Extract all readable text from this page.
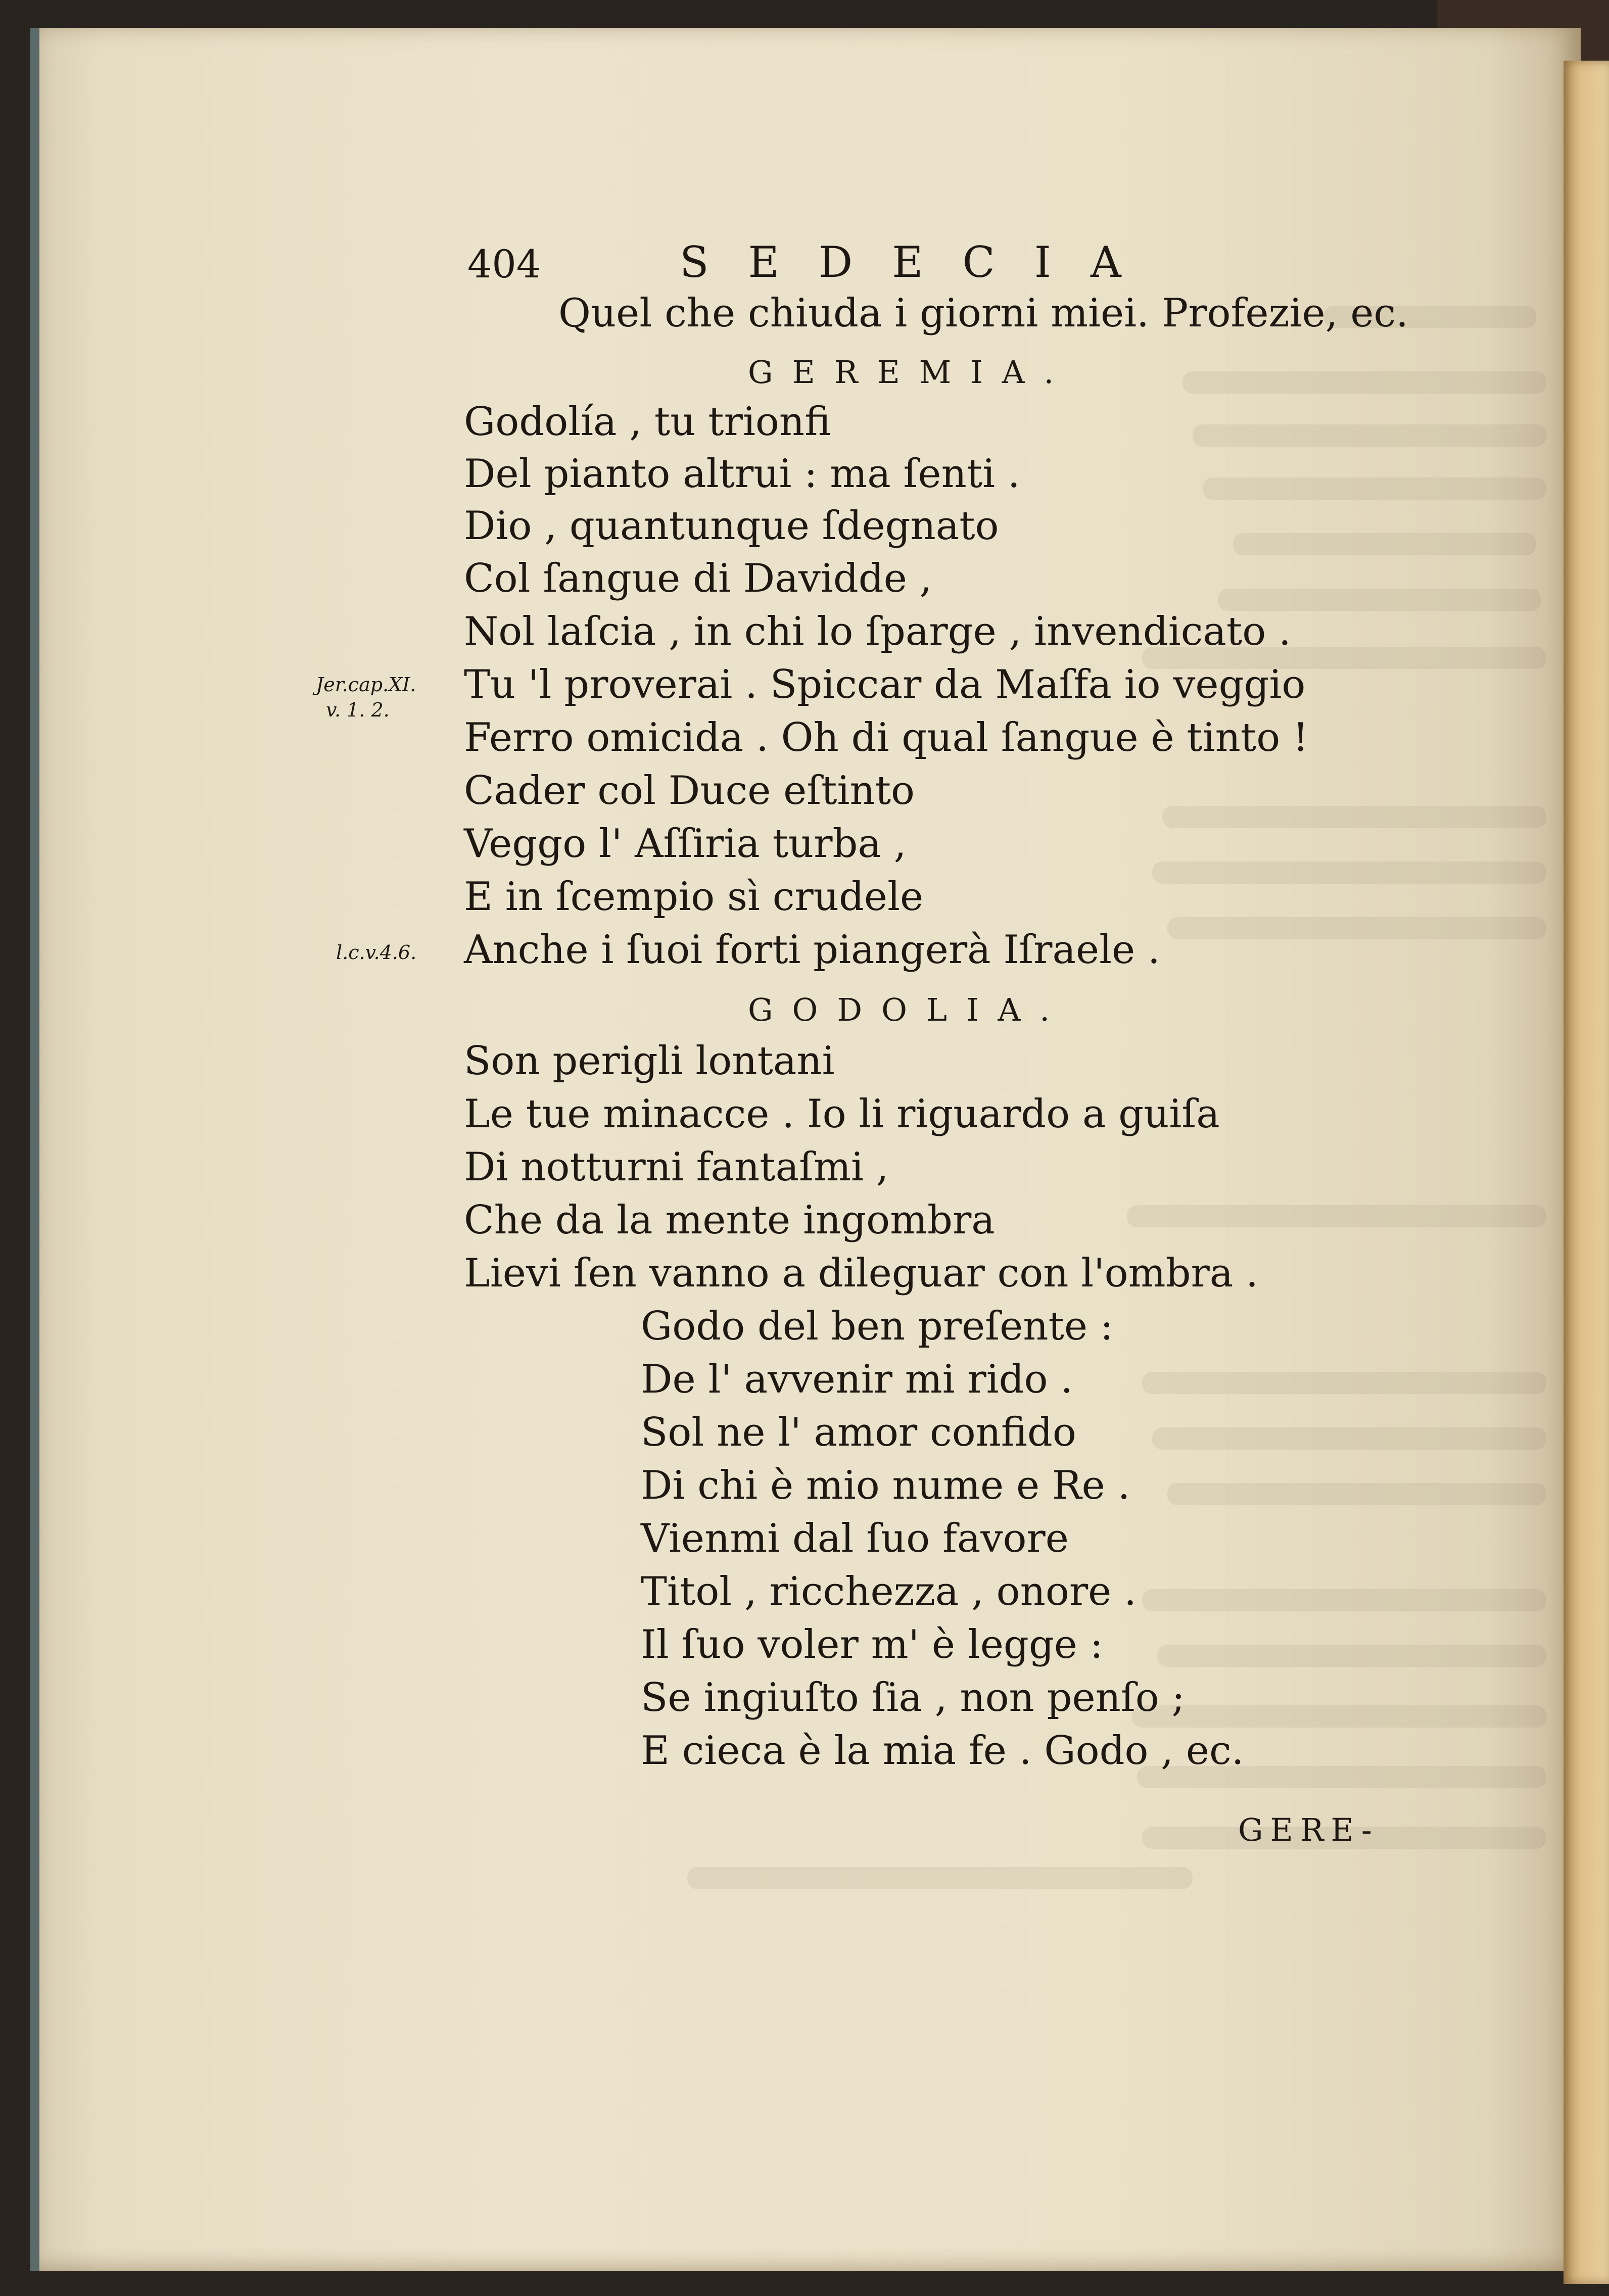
404	SEDECIA
Quel che chiuda i giorni miei. Profezie, ec.
GEREMIA.
Godolía , tu trionfi
Del pianto altrui : ma ſenti .
Dio , quantunque ſdegnato
Col ſangue di Davidde ,
Nol laſcia , in chi lo ſparge , invendicato .
Jer.cap.XI.
v. 1. 2.
Tu 'l proverai . Spiccar da Maſfa io veggio
Ferro omicida . Oh di qual ſangue è tinto !
Cader col Duce eſtinto
Veggo l' Aſſiria turba ,
E in ſcempio sì crudele
l.c.v.4.6. Anche i ſuoi forti piangerà Iſraele .
GODOLIA.
Son perigli lontani
Le tue minacce . Io li riguardo a guiſa
Di notturni fantaſmi ,
Che da la mente ingombra
Lievi ſen vanno a dileguar con l'ombra .
Godo del ben preſente :
De l' avvenir mi rido .
Sol ne l' amor confido
Di chi è mio nume e Re .
Vienmi dal ſuo favore
Titol , ricchezza , onore .
Il ſuo voler m' è legge :
Se ingiuſto ſia , non penſo ;
E cieca è la mia fe . Godo , ec.
GERE-
